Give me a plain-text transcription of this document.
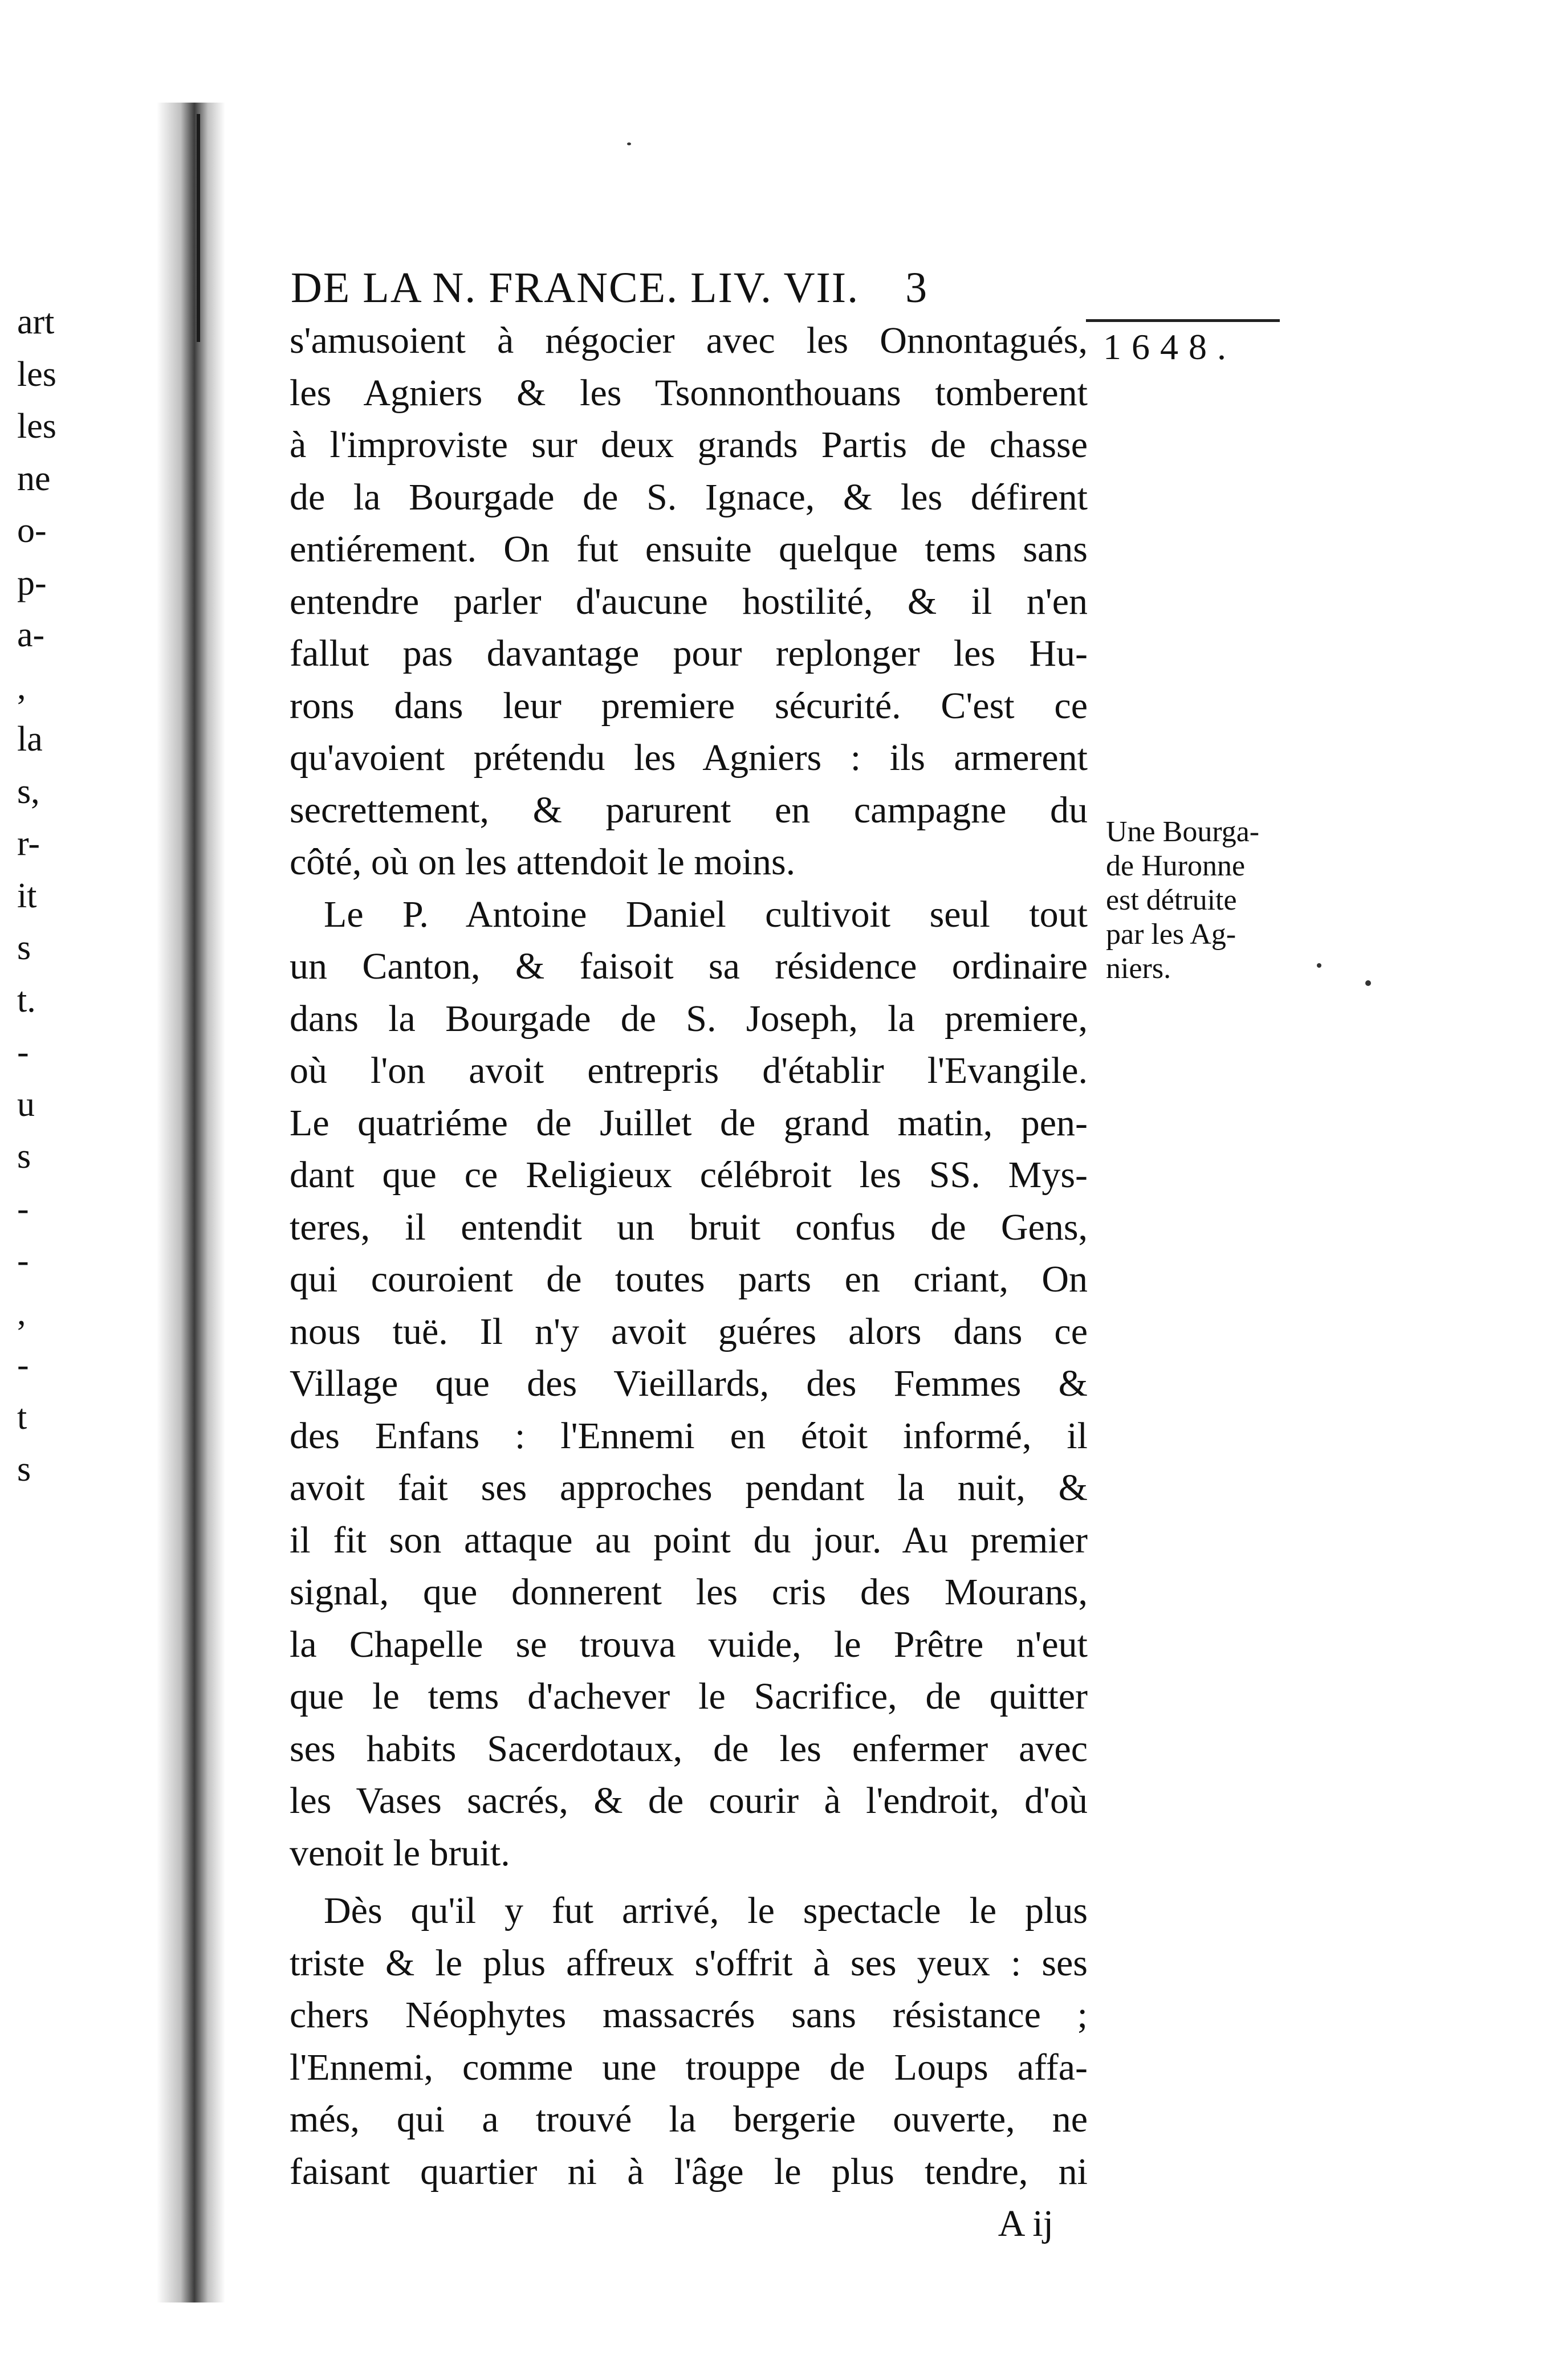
art
les
les
ne
o-
p-
a-
,
la
s,
r-
it
s
t.
-
u
s
-
-
,
-
t
s
DE LA N. FRANCE. LIV. VII. 3
1648.
s'amusoient à négocier avec les Onnontagués,
les Agniers & les Tsonnonthouans tomberent
à l'improviste sur deux grands Partis de chasse
de la Bourgade de S. Ignace, & les défirent
entiérement. On fut ensuite quelque tems sans
entendre parler d'aucune hostilité, & il n'en
fallut pas davantage pour replonger les Hu-
rons dans leur premiere sécurité. C'est ce
qu'avoient prétendu les Agniers : ils armerent
secrettement, & parurent en campagne du
côté, où on les attendoit le moins.
Le P. Antoine Daniel cultivoit seul tout
un Canton, & faisoit sa résidence ordinaire
dans la Bourgade de S. Joseph, la premiere,
où l'on avoit entrepris d'établir l'Evangile.
Le quatriéme de Juillet de grand matin, pen-
dant que ce Religieux célébroit les SS. Mys-
teres, il entendit un bruit confus de Gens,
qui couroient de toutes parts en criant, On
nous tuë. Il n'y avoit guéres alors dans ce
Village que des Vieillards, des Femmes &
des Enfans : l'Ennemi en étoit informé, il
avoit fait ses approches pendant la nuit, &
il fit son attaque au point du jour. Au premier
signal, que donnerent les cris des Mourans,
la Chapelle se trouva vuide, le Prêtre n'eut
que le tems d'achever le Sacrifice, de quitter
ses habits Sacerdotaux, de les enfermer avec
les Vases sacrés, & de courir à l'endroit, d'où
venoit le bruit.
Dès qu'il y fut arrivé, le spectacle le plus
triste & le plus affreux s'offrit à ses yeux : ses
chers Néophytes massacrés sans résistance ;
l'Ennemi, comme une trouppe de Loups affa-
més, qui a trouvé la bergerie ouverte, ne
faisant quartier ni à l'âge le plus tendre, ni
A ij
Une Bourga-
de Huronne
est détruite
par les Ag-
niers.
